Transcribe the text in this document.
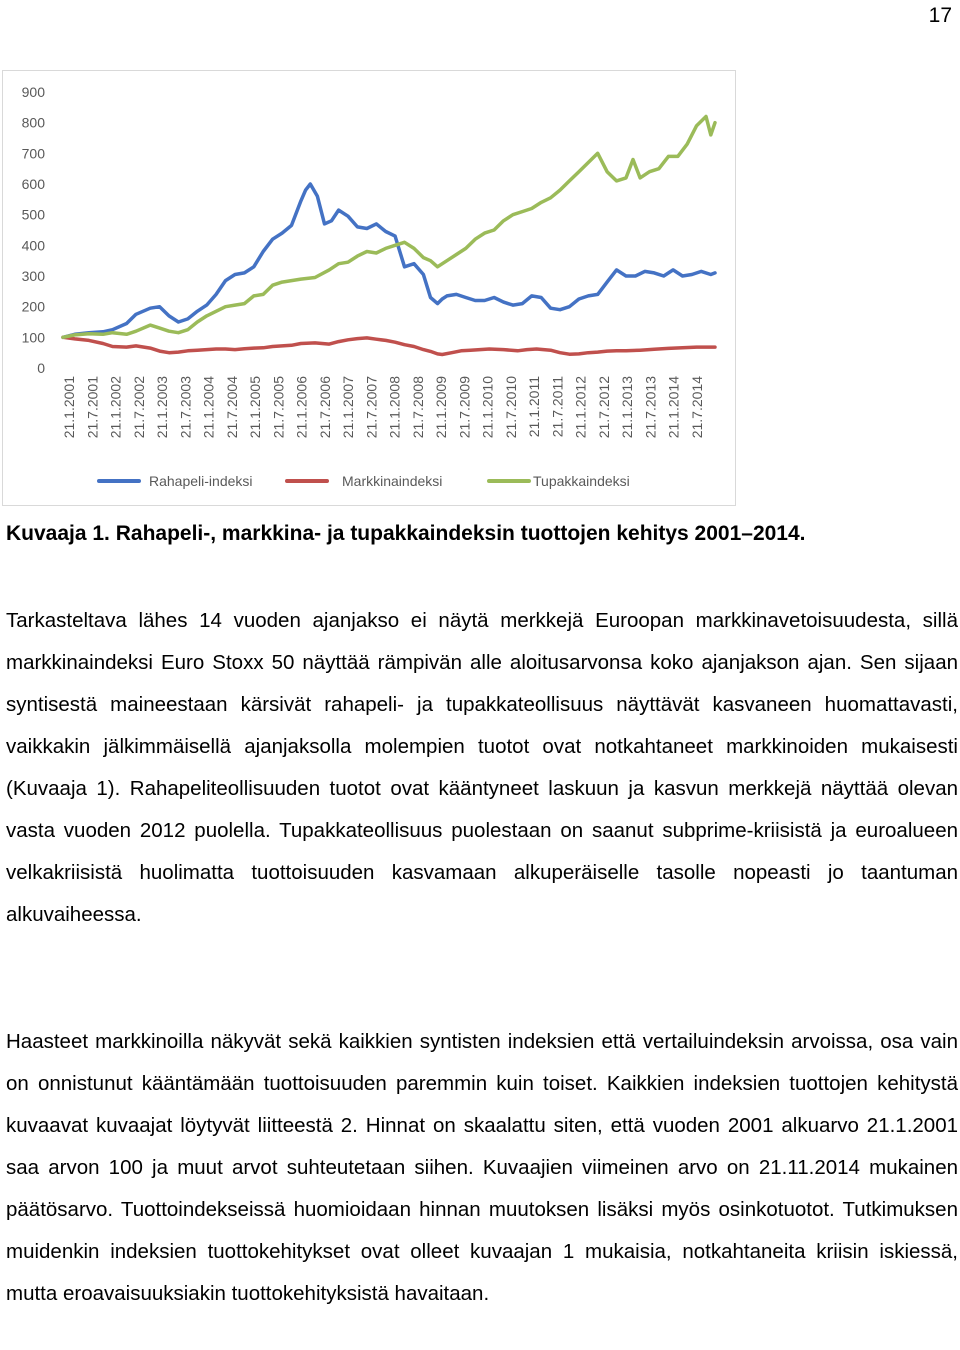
17
0
100
200
300
400
500
600
700
800
900
21.1.2001 21.7.2001 21.1.2002 21.7.2002 21.1.2003 21.7.2003 21.1.2004 21.7.2004 21.1.2005 21.7.2005 21.1.2006 21.7.2006 21.1.2007 21.7.2007 21.1.2008 21.7.2008 21.1.2009 21.7.2009 21.1.2010 21.7.2010 21.1.2011 21.7.2011 21.1.2012 21.7.2012 21.1.2013 21.7.2013 21.1.2014 21.7.2014
Rahapeli-indeksi	Markkinaindeksi	Tupakkaindeksi
Kuvaaja 1. Rahapeli-, markkina- ja tupakkaindeksin tuottojen kehitys 2001–2014.
Tarkasteltava lähes 14 vuoden ajanjakso ei näytä merkkejä Euroopan markkinavetoisuudesta, sillä markkinaindeksi Euro Stoxx 50 näyttää rämpivän alle aloitusarvonsa koko ajanjakson ajan. Sen sijaan syntisestä maineestaan kärsivät rahapeli- ja tupakkateollisuus näyttävät kasvaneen huomattavasti, vaikkakin jälkimmäisellä ajanjaksolla molempien tuotot ovat notkahtaneet markkinoiden mukaisesti (Kuvaaja 1). Rahapeliteollisuuden tuotot ovat kääntyneet laskuun ja kasvun merkkejä näyttää olevan vasta vuoden 2012 puolella. Tupakkateollisuus puolestaan on saanut subprime-kriisistä ja euroalueen velkakriisistä huolimatta tuottoisuuden kasvamaan alkuperäiselle tasolle nopeasti jo taantuman alkuvaiheessa.
Haasteet markkinoilla näkyvät sekä kaikkien syntisten indeksien että vertailuindeksin arvoissa, osa vain on onnistunut kääntämään tuottoisuuden paremmin kuin toiset. Kaikkien indeksien tuottojen kehitystä kuvaavat kuvaajat löytyvät liitteestä 2. Hinnat on skaalattu siten, että vuoden 2001 alkuarvo 21.1.2001 saa arvon 100 ja muut arvot suhteutetaan siihen. Kuvaajien viimeinen arvo on 21.11.2014 mukainen päätösarvo. Tuottoindekseissä huomioidaan hinnan muutoksen lisäksi myös osinkotuotot. Tutkimuksen muidenkin indeksien tuottokehitykset ovat olleet kuvaajan 1 mukaisia, notkahtaneita kriisin iskiessä, mutta eroavaisuuksiakin tuottokehityksistä havaitaan.
